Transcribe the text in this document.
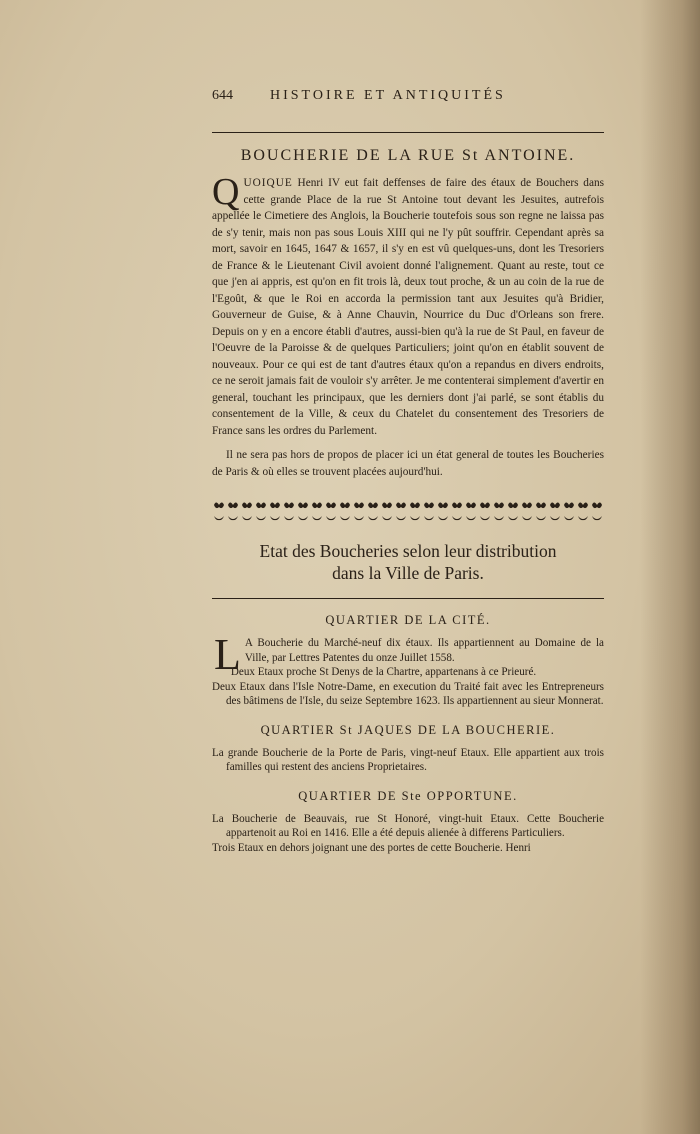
644	HISTOIRE ET ANTIQUITÉS
BOUCHERIE DE LA RUE St ANTOINE.

QUOIQUE Henri IV eut fait deffenses de faire des étaux de Bouchers dans cette grande Place de la rue St Antoine tout devant les Jesuites, autrefois appellée le Cimetiere des Anglois, la Boucherie toutefois sous son regne ne laissa pas de s'y tenir, mais non pas sous Louis XIII qui ne l'y pût souffrir. Cependant après sa mort, savoir en 1645, 1647 & 1657, il s'y en est vû quelques-uns, dont les Tresoriers de France & le Lieutenant Civil avoient donné l'alignement. Quant au reste, tout ce que j'en ai appris, est qu'on en fit trois là, deux tout proche, & un au coin de la rue de l'Egoût, & que le Roi en accorda la permission tant aux Jesuites qu'à Bridier, Gouverneur de Guise, & à Anne Chauvin, Nourrice du Duc d'Orleans son frere. Depuis on y en a encore établi d'autres, aussi-bien qu'à la rue de St Paul, en faveur de l'Oeuvre de la Paroisse & de quelques Particuliers; joint qu'on en établit souvent de nouveaux. Pour ce qui est de tant d'autres étaux qu'on a repandus en divers endroits, ce ne seroit jamais fait de vouloir s'y arrêter. Je me contenterai simplement d'avertir en general, touchant les principaux, que les derniers dont j'ai parlé, se sont établis du consentement de la Ville, & ceux du Chatelet du consentement des Tresoriers de France sans les ordres du Parlement.

Il ne sera pas hors de propos de placer ici un état general de toutes les Boucheries de Paris & où elles se trouvent placées aujourd'hui.

Etat des Boucheries selon leur distribution
dans la Ville de Paris.
QUARTIER DE LA CITÉ.

L A Boucherie du Marché-neuf dix étaux. Ils appartiennent au Domaine de la Ville, par Lettres Patentes du onze Juillet 1558.

Deux Etaux proche St Denys de la Chartre, appartenans à ce Prieuré.

Deux Etaux dans l'Isle Notre-Dame, en execution du Traité fait avec les Entrepreneurs des bâtimens de l'Isle, du seize Septembre 1623. Ils appartiennent au sieur Monnerat.

QUARTIER St JAQUES DE LA BOUCHERIE.

La grande Boucherie de la Porte de Paris, vingt-neuf Etaux. Elle appartient aux trois familles qui restent des anciens Proprietaires.

QUARTIER DE Ste OPPORTUNE.

La Boucherie de Beauvais, rue St Honoré, vingt-huit Etaux. Cette Boucherie appartenoit au Roi en 1416. Elle a été depuis alienée à differens Particuliers.

Trois Etaux en dehors joignant une des portes de cette Boucherie. Henri
